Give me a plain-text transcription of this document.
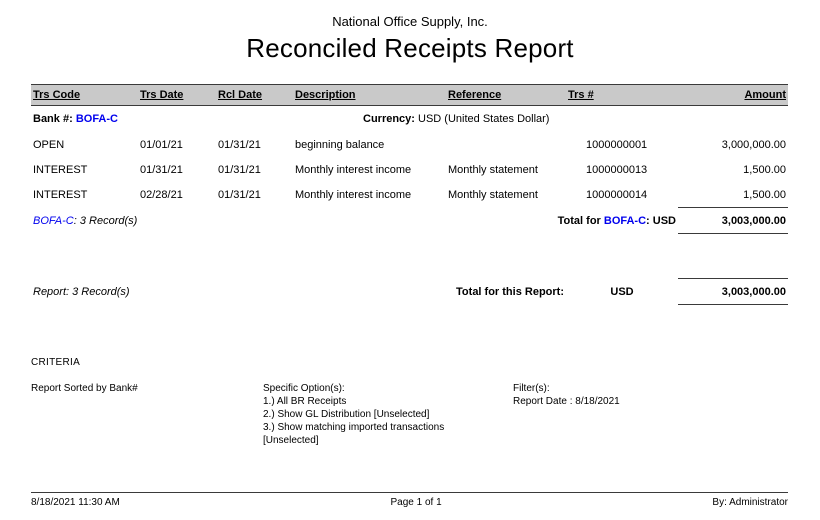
National Office Supply, Inc.
Reconciled Receipts Report
Trs Code	Trs Date	Rcl Date	Description	Reference	Trs #	Amount
Bank #: BOFA-C			Currency: USD (United States Dollar)			
OPEN	01/01/21	01/31/21	beginning balance		1000000001	3,000,000.00
INTEREST	01/31/21	01/31/21	Monthly interest income	Monthly statement	1000000013	1,500.00
INTEREST	02/28/21	01/31/21	Monthly interest income	Monthly statement	1000000014	1,500.00
BOFA-C: 3 Record(s)				Total for BOFA-C: USD		3,003,000.00

Report: 3 Record(s)				Total for this Report:	USD	3,003,000.00
CRITERIA
Report Sorted by Bank#	Specific Option(s):
1.) All BR Receipts
2.) Show GL Distribution [Unselected]
3.) Show matching imported transactions
[Unselected]
Filter(s):
Report Date : 8/18/2021
8/18/2021 11:30 AM	Page 1 of 1	By: Administrator
